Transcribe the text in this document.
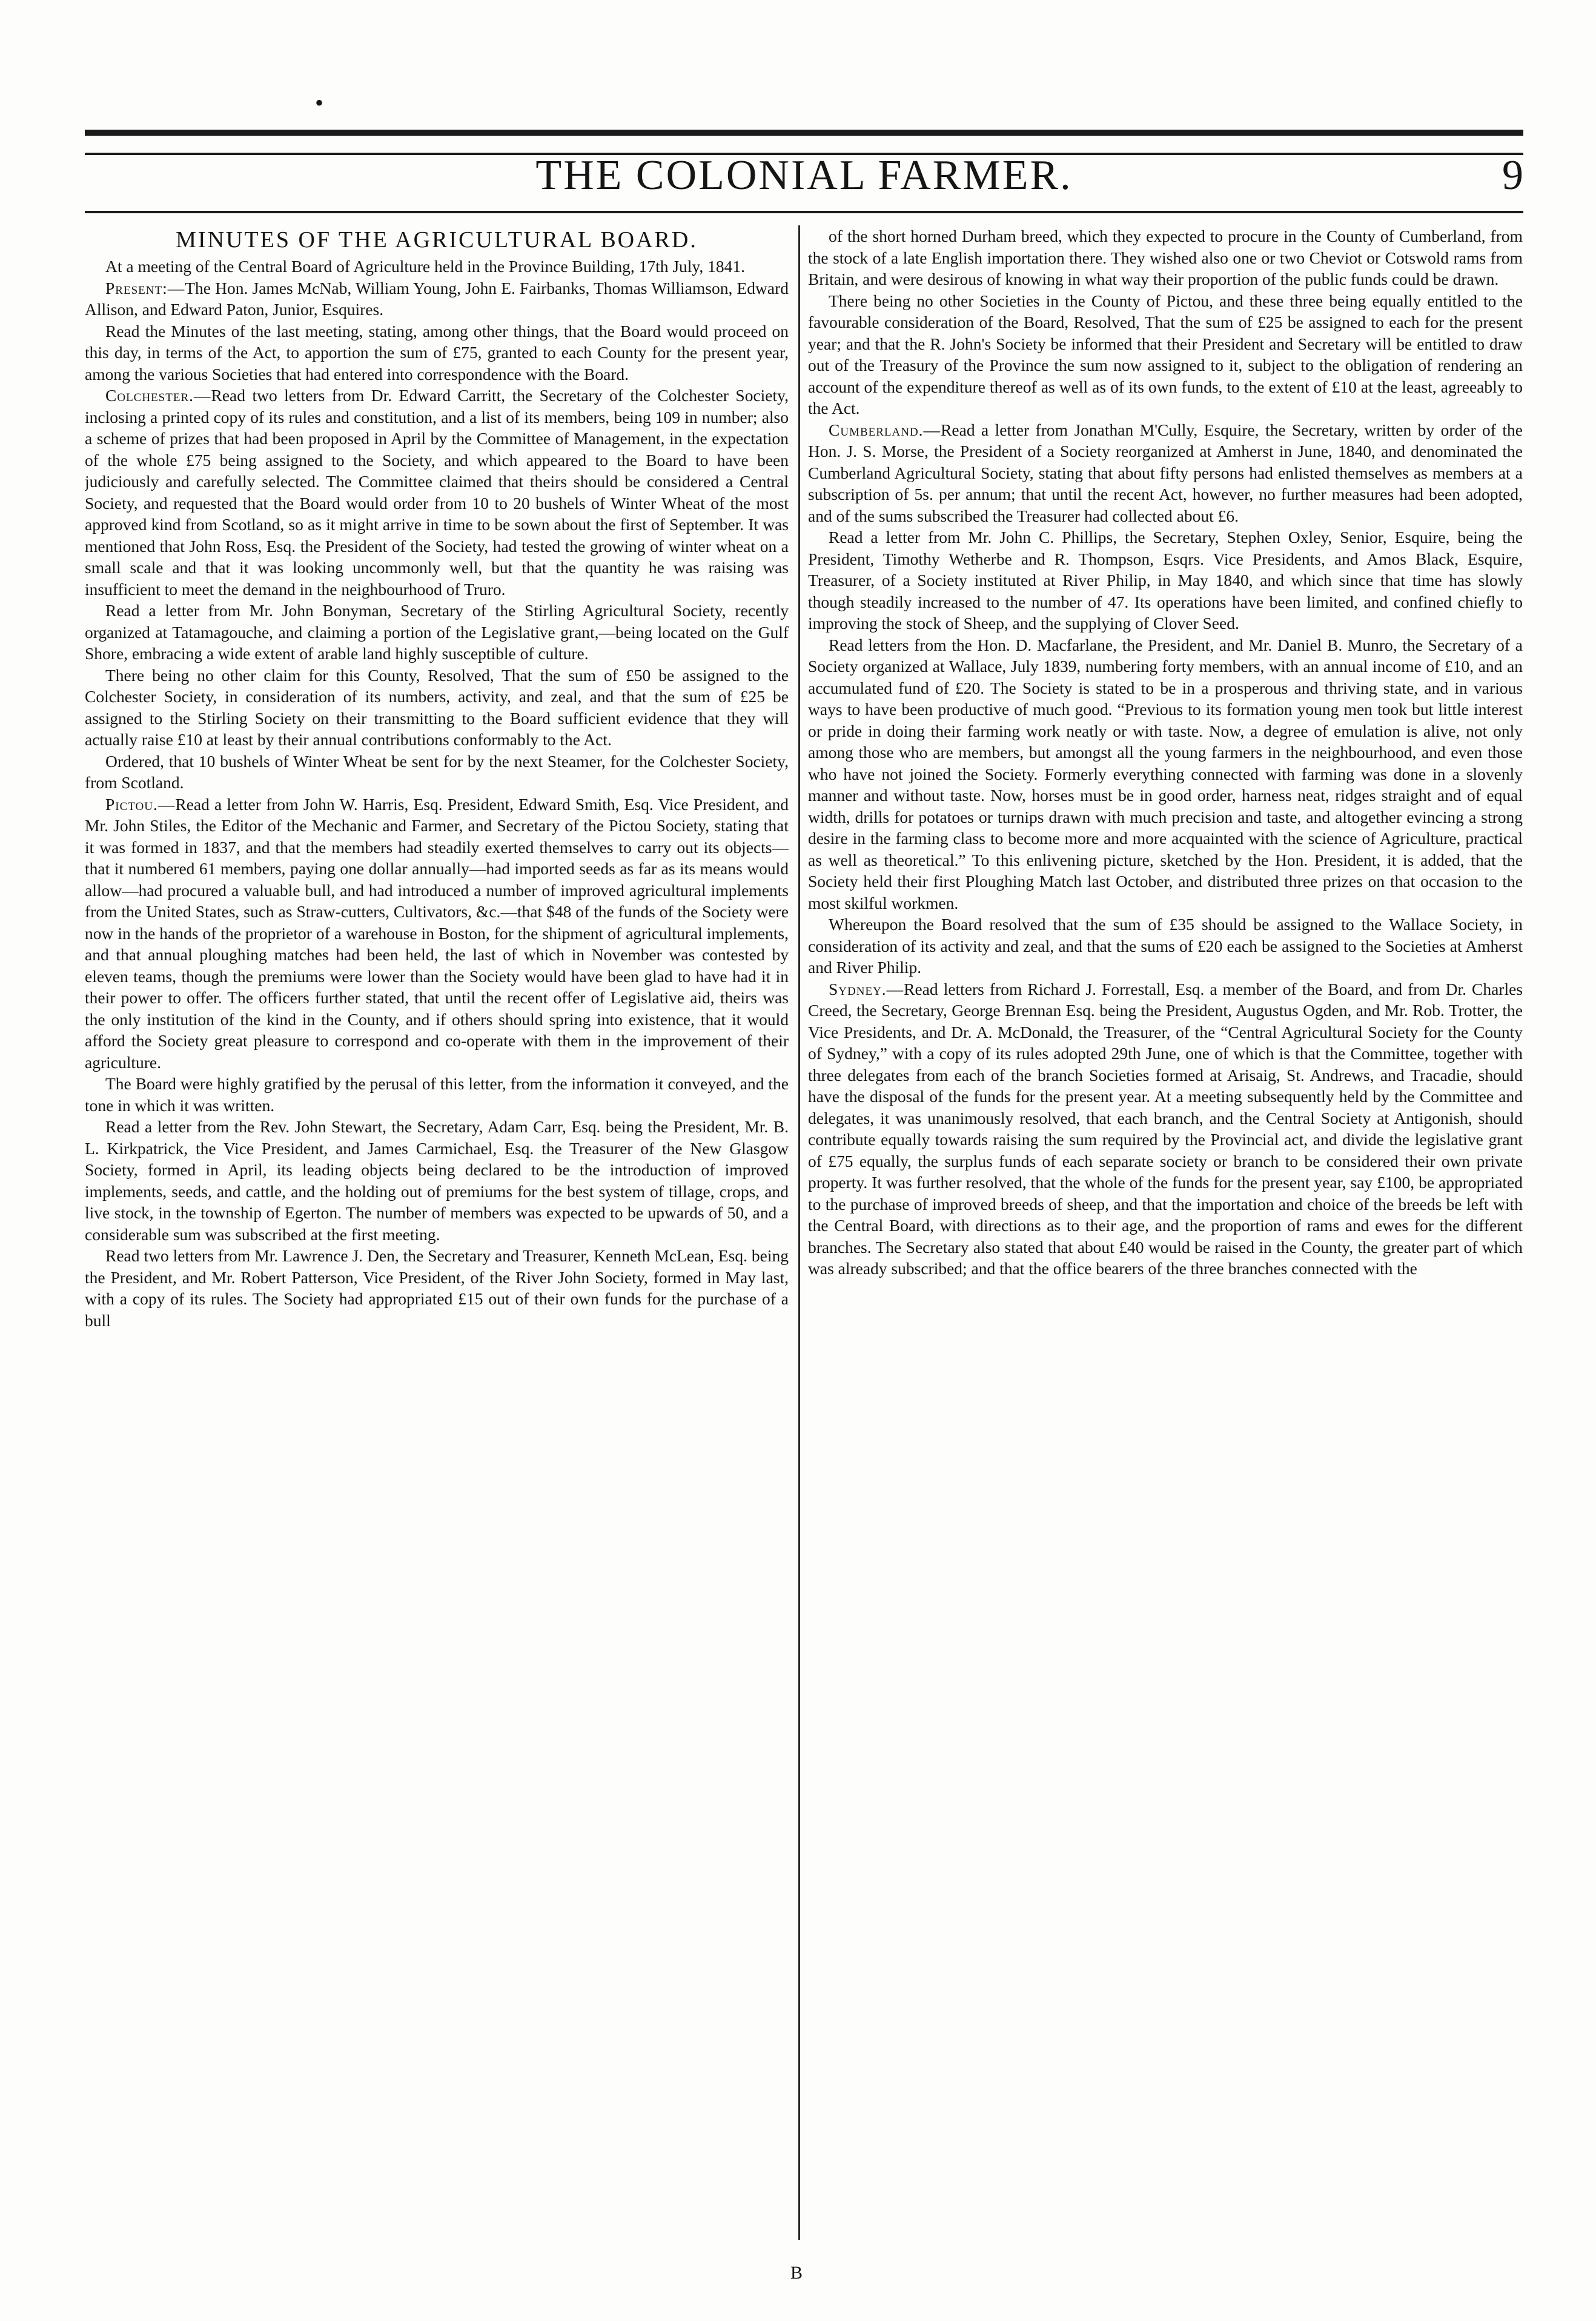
•
THE COLONIAL FARMER.	9
MINUTES OF THE AGRICULTURAL BOARD.

At a meeting of the Central Board of Agriculture held in the Province Building, 17th July, 1841.

Present:—The Hon. James McNab, William Young, John E. Fairbanks, Thomas Williamson, Edward Allison, and Edward Paton, Junior, Esquires.

Read the Minutes of the last meeting, stating, among other things, that the Board would proceed on this day, in terms of the Act, to apportion the sum of £75, granted to each County for the present year, among the various Societies that had entered into correspondence with the Board.

Colchester.—Read two letters from Dr. Edward Carritt, the Secretary of the Colchester Society, inclosing a printed copy of its rules and constitution, and a list of its members, being 109 in number; also a scheme of prizes that had been proposed in April by the Committee of Management, in the expectation of the whole £75 being assigned to the Society, and which appeared to the Board to have been judiciously and carefully selected. The Committee claimed that theirs should be considered a Central Society, and requested that the Board would order from 10 to 20 bushels of Winter Wheat of the most approved kind from Scotland, so as it might arrive in time to be sown about the first of September. It was mentioned that John Ross, Esq. the President of the Society, had tested the growing of winter wheat on a small scale and that it was looking uncommonly well, but that the quantity he was raising was insufficient to meet the demand in the neighbourhood of Truro.

Read a letter from Mr. John Bonyman, Secretary of the Stirling Agricultural Society, recently organized at Tatamagouche, and claiming a portion of the Legislative grant,—being located on the Gulf Shore, embracing a wide extent of arable land highly susceptible of culture.

There being no other claim for this County, Resolved, That the sum of £50 be assigned to the Colchester Society, in consideration of its numbers, activity, and zeal, and that the sum of £25 be assigned to the Stirling Society on their transmitting to the Board sufficient evidence that they will actually raise £10 at least by their annual contributions conformably to the Act.

Ordered, that 10 bushels of Winter Wheat be sent for by the next Steamer, for the Colchester Society, from Scotland.

Pictou.—Read a letter from John W. Harris, Esq. President, Edward Smith, Esq. Vice President, and Mr. John Stiles, the Editor of the Mechanic and Farmer, and Secretary of the Pictou Society, stating that it was formed in 1837, and that the members had steadily exerted themselves to carry out its objects—that it numbered 61 members, paying one dollar annually—had imported seeds as far as its means would allow—had procured a valuable bull, and had introduced a number of improved agricultural implements from the United States, such as Straw-cutters, Cultivators, &c.—that $48 of the funds of the Society were now in the hands of the proprietor of a warehouse in Boston, for the shipment of agricultural implements, and that annual ploughing matches had been held, the last of which in November was contested by eleven teams, though the premiums were lower than the Society would have been glad to have had it in their power to offer. The officers further stated, that until the recent offer of Legislative aid, theirs was the only institution of the kind in the County, and if others should spring into existence, that it would afford the Society great pleasure to correspond and co-operate with them in the improvement of their agriculture.

The Board were highly gratified by the perusal of this letter, from the information it conveyed, and the tone in which it was written.

Read a letter from the Rev. John Stewart, the Secretary, Adam Carr, Esq. being the President, Mr. B. L. Kirkpatrick, the Vice President, and James Carmichael, Esq. the Treasurer of the New Glasgow Society, formed in April, its leading objects being declared to be the introduction of improved implements, seeds, and cattle, and the holding out of premiums for the best system of tillage, crops, and live stock, in the township of Egerton. The number of members was expected to be upwards of 50, and a considerable sum was subscribed at the first meeting.

Read two letters from Mr. Lawrence J. Den, the Secretary and Treasurer, Kenneth McLean, Esq. being the President, and Mr. Robert Patterson, Vice President, of the River John Society, formed in May last, with a copy of its rules. The Society had appropriated £15 out of their own funds for the purchase of a bull

of the short horned Durham breed, which they expected to procure in the County of Cumberland, from the stock of a late English importation there. They wished also one or two Cheviot or Cotswold rams from Britain, and were desirous of knowing in what way their proportion of the public funds could be drawn.

There being no other Societies in the County of Pictou, and these three being equally entitled to the favourable consideration of the Board, Resolved, That the sum of £25 be assigned to each for the present year; and that the R. John's Society be informed that their President and Secretary will be entitled to draw out of the Treasury of the Province the sum now assigned to it, subject to the obligation of rendering an account of the expenditure thereof as well as of its own funds, to the extent of £10 at the least, agreeably to the Act.

Cumberland.—Read a letter from Jonathan M'Cully, Esquire, the Secretary, written by order of the Hon. J. S. Morse, the President of a Society reorganized at Amherst in June, 1840, and denominated the Cumberland Agricultural Society, stating that about fifty persons had enlisted themselves as members at a subscription of 5s. per annum; that until the recent Act, however, no further measures had been adopted, and of the sums subscribed the Treasurer had collected about £6.

Read a letter from Mr. John C. Phillips, the Secretary, Stephen Oxley, Senior, Esquire, being the President, Timothy Wetherbe and R. Thompson, Esqrs. Vice Presidents, and Amos Black, Esquire, Treasurer, of a Society instituted at River Philip, in May 1840, and which since that time has slowly though steadily increased to the number of 47. Its operations have been limited, and confined chiefly to improving the stock of Sheep, and the supplying of Clover Seed.

Read letters from the Hon. D. Macfarlane, the President, and Mr. Daniel B. Munro, the Secretary of a Society organized at Wallace, July 1839, numbering forty members, with an annual income of £10, and an accumulated fund of £20. The Society is stated to be in a prosperous and thriving state, and in various ways to have been productive of much good. “Previous to its formation young men took but little interest or pride in doing their farming work neatly or with taste. Now, a degree of emulation is alive, not only among those who are members, but amongst all the young farmers in the neighbourhood, and even those who have not joined the Society. Formerly everything connected with farming was done in a slovenly manner and without taste. Now, horses must be in good order, harness neat, ridges straight and of equal width, drills for potatoes or turnips drawn with much precision and taste, and altogether evincing a strong desire in the farming class to become more and more acquainted with the science of Agriculture, practical as well as theoretical.” To this enlivening picture, sketched by the Hon. President, it is added, that the Society held their first Ploughing Match last October, and distributed three prizes on that occasion to the most skilful workmen.

Whereupon the Board resolved that the sum of £35 should be assigned to the Wallace Society, in consideration of its activity and zeal, and that the sums of £20 each be assigned to the Societies at Amherst and River Philip.

Sydney.—Read letters from Richard J. Forrestall, Esq. a member of the Board, and from Dr. Charles Creed, the Secretary, George Brennan Esq. being the President, Augustus Ogden, and Mr. Rob. Trotter, the Vice Presidents, and Dr. A. McDonald, the Treasurer, of the “Central Agricultural Society for the County of Sydney,” with a copy of its rules adopted 29th June, one of which is that the Committee, together with three delegates from each of the branch Societies formed at Arisaig, St. Andrews, and Tracadie, should have the disposal of the funds for the present year. At a meeting subsequently held by the Committee and delegates, it was unanimously resolved, that each branch, and the Central Society at Antigonish, should contribute equally towards raising the sum required by the Provincial act, and divide the legislative grant of £75 equally, the surplus funds of each separate society or branch to be considered their own private property. It was further resolved, that the whole of the funds for the present year, say £100, be appropriated to the purchase of improved breeds of sheep, and that the importation and choice of the breeds be left with the Central Board, with directions as to their age, and the proportion of rams and ewes for the different branches. The Secretary also stated that about £40 would be raised in the County, the greater part of which was already subscribed; and that the office bearers of the three branches connected with the

B
